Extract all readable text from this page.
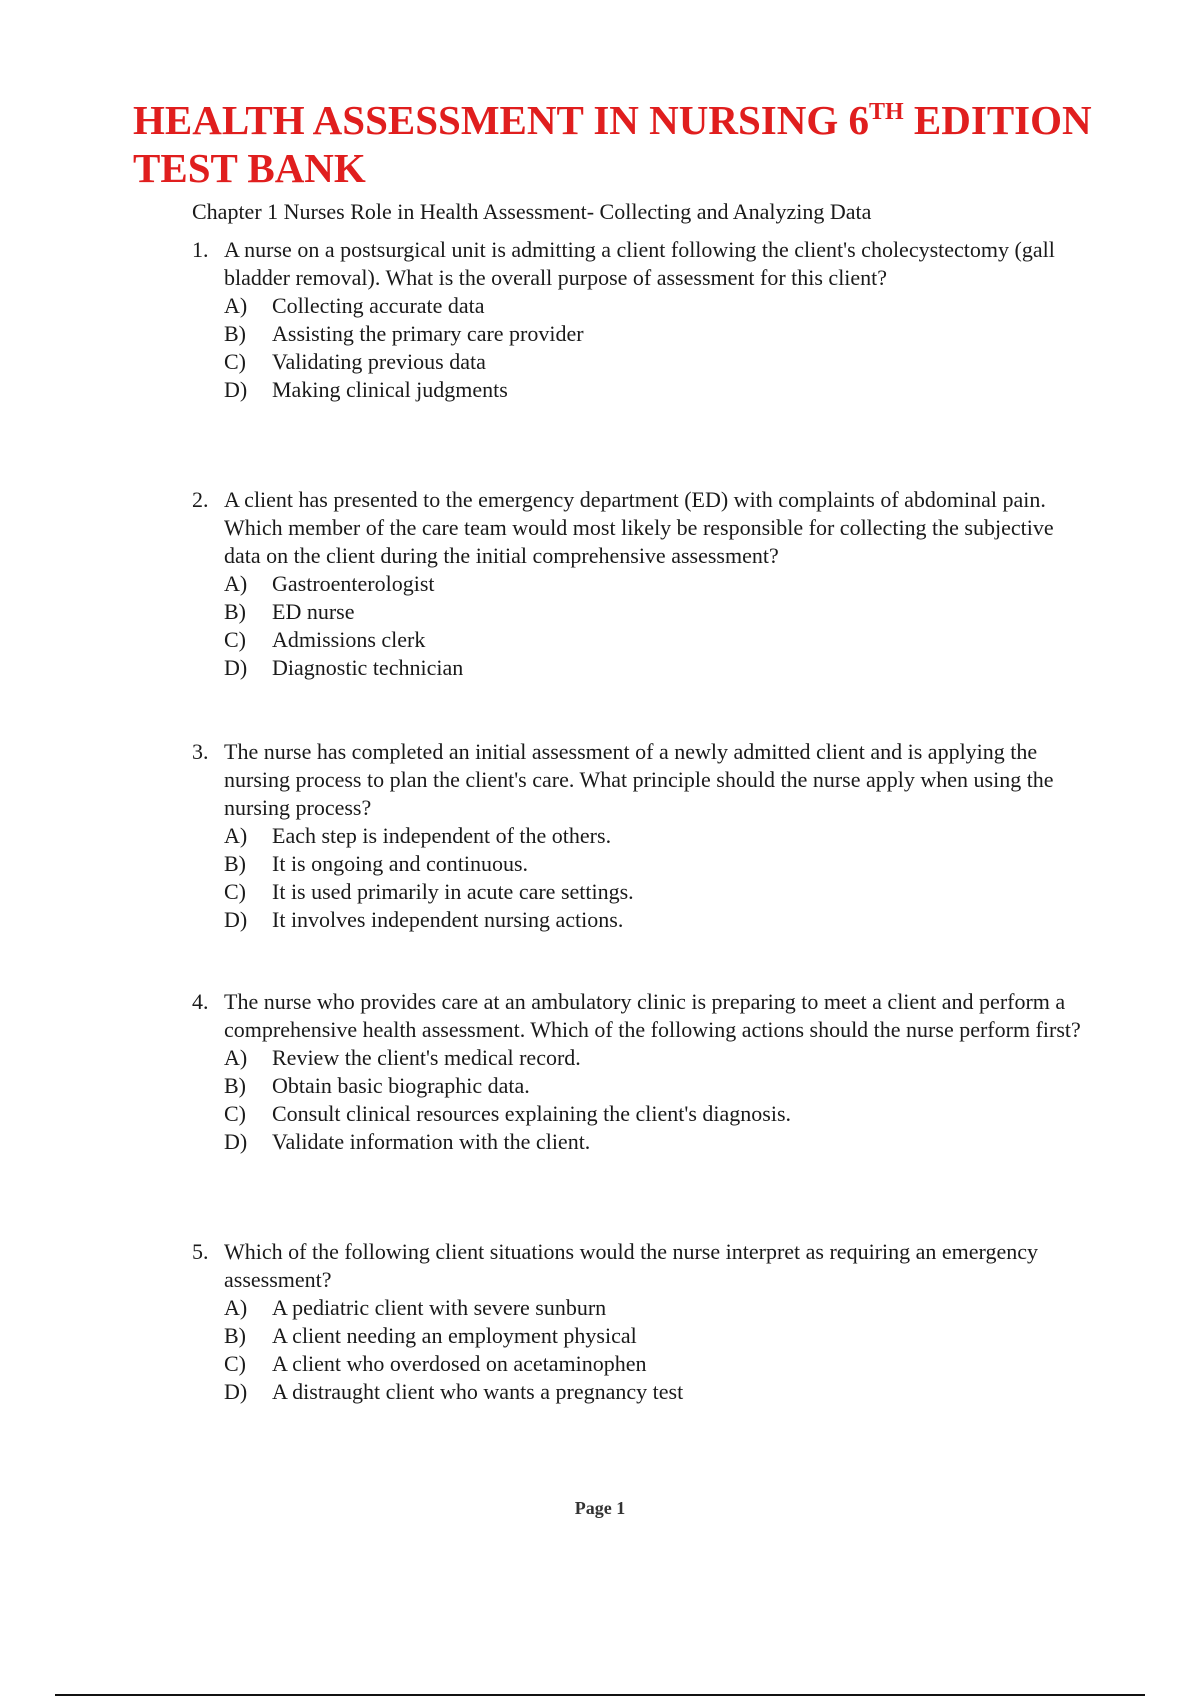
HEALTH ASSESSMENT IN NURSING 6TH EDITION TEST BANK
Chapter 1 Nurses Role in Health Assessment- Collecting and Analyzing Data
1. A nurse on a postsurgical unit is admitting a client following the client's cholecystectomy (gall bladder removal). What is the overall purpose of assessment for this client?
A)	Collecting accurate data
B)	Assisting the primary care provider
C)	Validating previous data
D)	Making clinical judgments
2. A client has presented to the emergency department (ED) with complaints of abdominal pain. Which member of the care team would most likely be responsible for collecting the subjective data on the client during the initial comprehensive assessment?
A)	Gastroenterologist
B)	ED nurse
C)	Admissions clerk
D)	Diagnostic technician
3. The nurse has completed an initial assessment of a newly admitted client and is applying the nursing process to plan the client's care. What principle should the nurse apply when using the nursing process?
A)	Each step is independent of the others.
B)	It is ongoing and continuous.
C)	It is used primarily in acute care settings.
D)	It involves independent nursing actions.
4. The nurse who provides care at an ambulatory clinic is preparing to meet a client and perform a comprehensive health assessment. Which of the following actions should the nurse perform first?
A)	Review the client's medical record.
B)	Obtain basic biographic data.
C)	Consult clinical resources explaining the client's diagnosis.
D)	Validate information with the client.
5. Which of the following client situations would the nurse interpret as requiring an emergency assessment?
A)	A pediatric client with severe sunburn
B)	A client needing an employment physical
C)	A client who overdosed on acetaminophen
D)	A distraught client who wants a pregnancy test
Page 1
